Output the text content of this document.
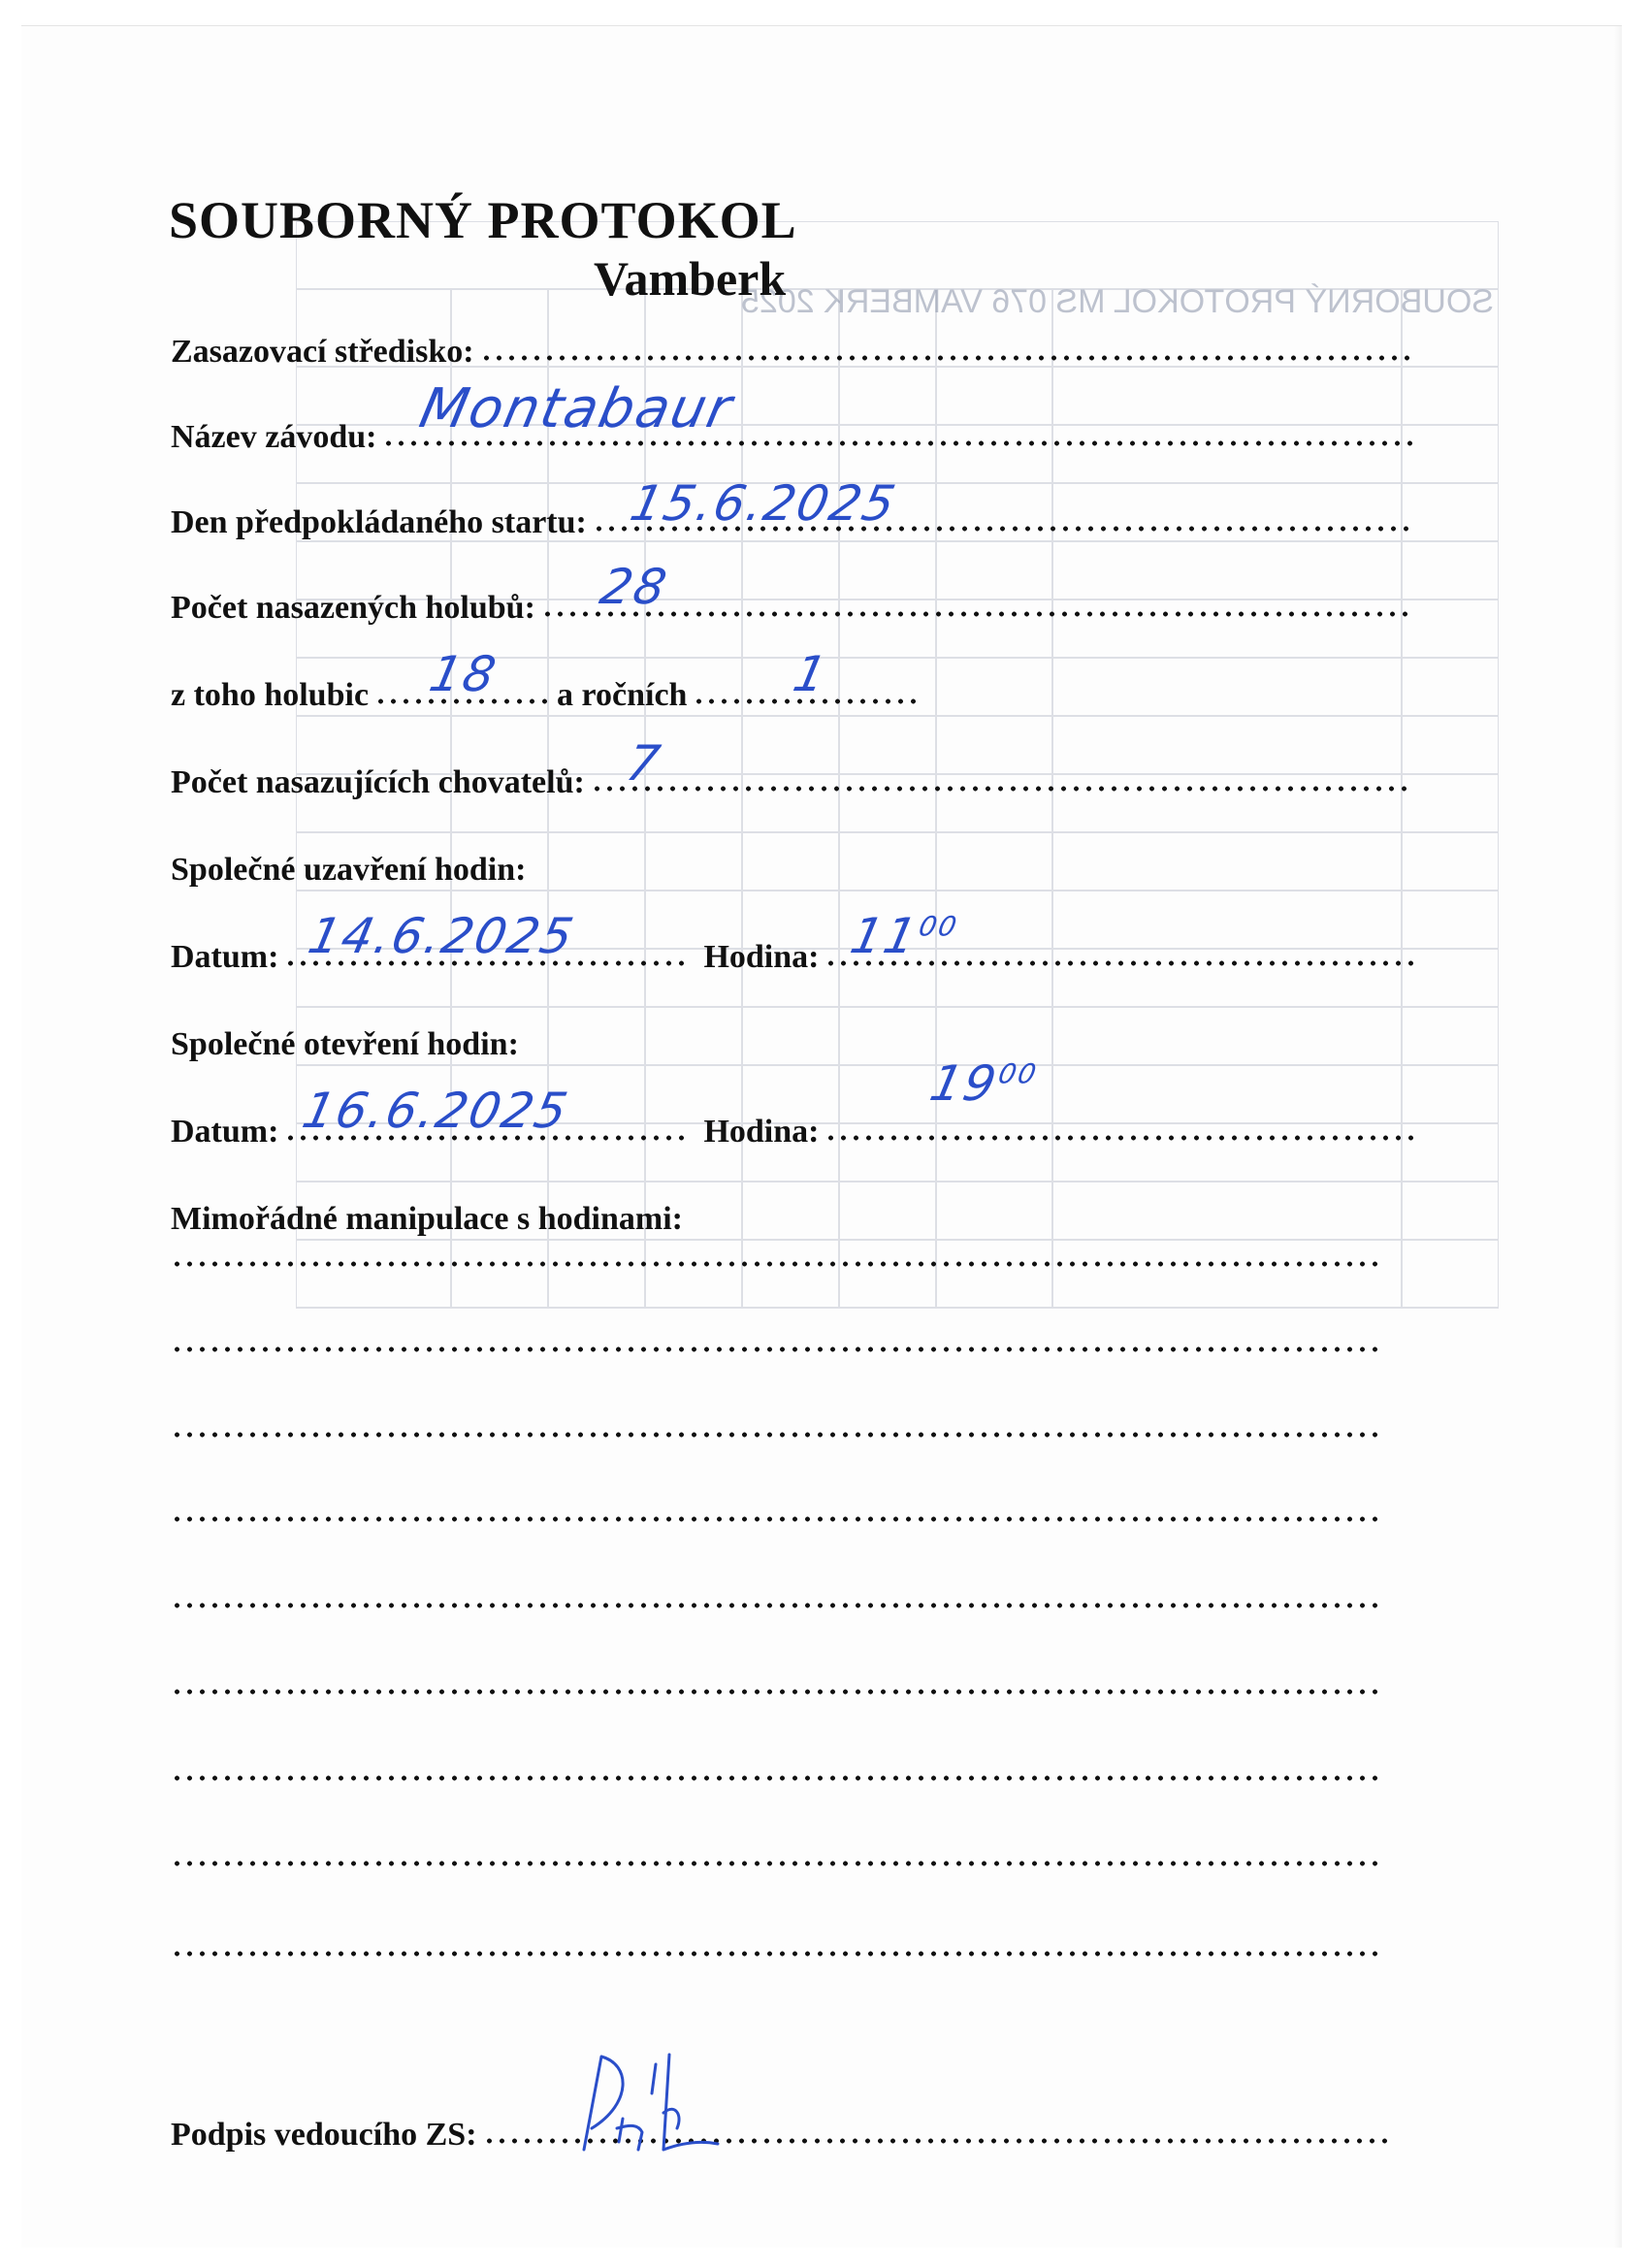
SOUBORNÝ PROTOKOL MS 076 VAMBERK 2025
SOUBORNÝ PROTOKOL
Vamberk
Zasazovací středisko:
Název závodu: Montabaur
Den předpokládaného startu: 15.6.2025
Počet nasazených holubů: 28
z toho holubic 18 a ročních 1
Počet nasazujících chovatelů: 7
Společné uzavření hodin:
Datum: 14.6.2025	Hodina: $11^{00}$
Společné otevření hodin:
Datum: 16.6.2025	Hodina:
$19^{00}$
Mimořádné manipulace s hodinami:
Podpis vedoucího ZS:
